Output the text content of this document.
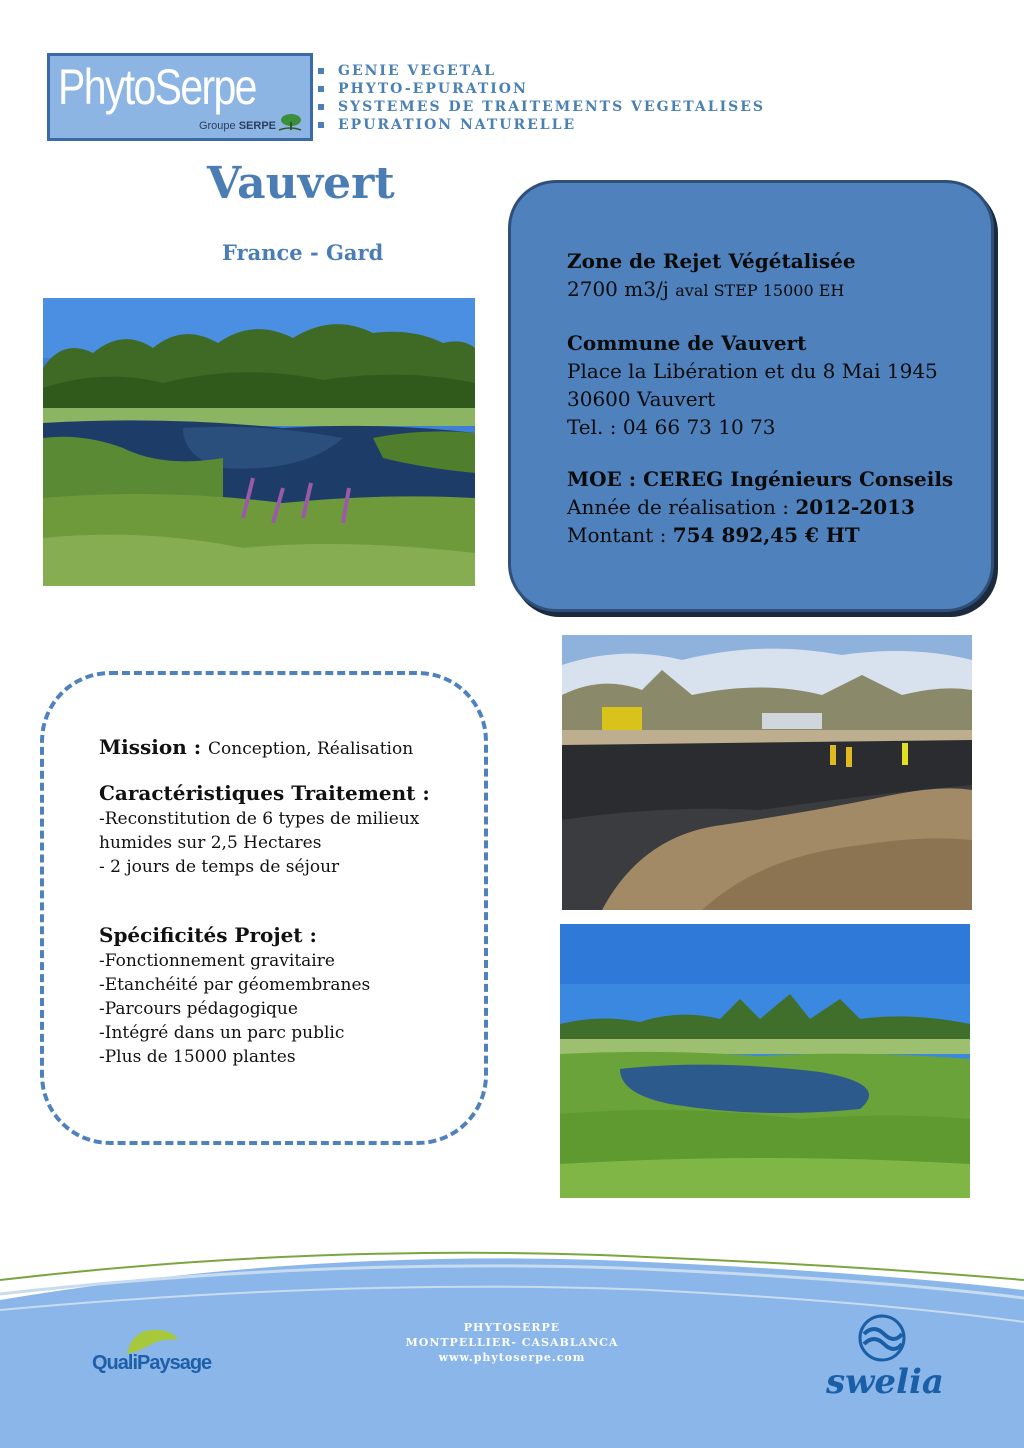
PhytoSerpe
Groupe SERPE
GENIE VEGETAL
PHYTO-EPURATION
SYSTEMES DE TRAITEMENTS VEGETALISES
EPURATION NATURELLE
Vauvert
France - Gard	Zone de Rejet Végétalisée

2700 m3/j aval STEP 15000 EH

Commune de Vauvert

Place la Libération et du 8 Mai 1945

30600 Vauvert

Tel. : 04 66 73 10 73

MOE : CEREG Ingénieurs Conseils

Année de réalisation : 2012-2013

Montant : 754 892,45 € HT

Mission : Conception, Réalisation

Caractéristiques Traitement :

-Reconstitution de 6 types de milieux

humides sur 2,5 Hectares

- 2 jours de temps de séjour

Spécificités Projet :

-Fonctionnement gravitaire

-Etanchéité par géomembranes

-Parcours pédagogique

-Intégré dans un parc public

-Plus de 15000 plantes

QualiPaysage
PHYTOSERPE
MONTPELLIER- CASABLANCA
www.phytoserpe.com
swelia
